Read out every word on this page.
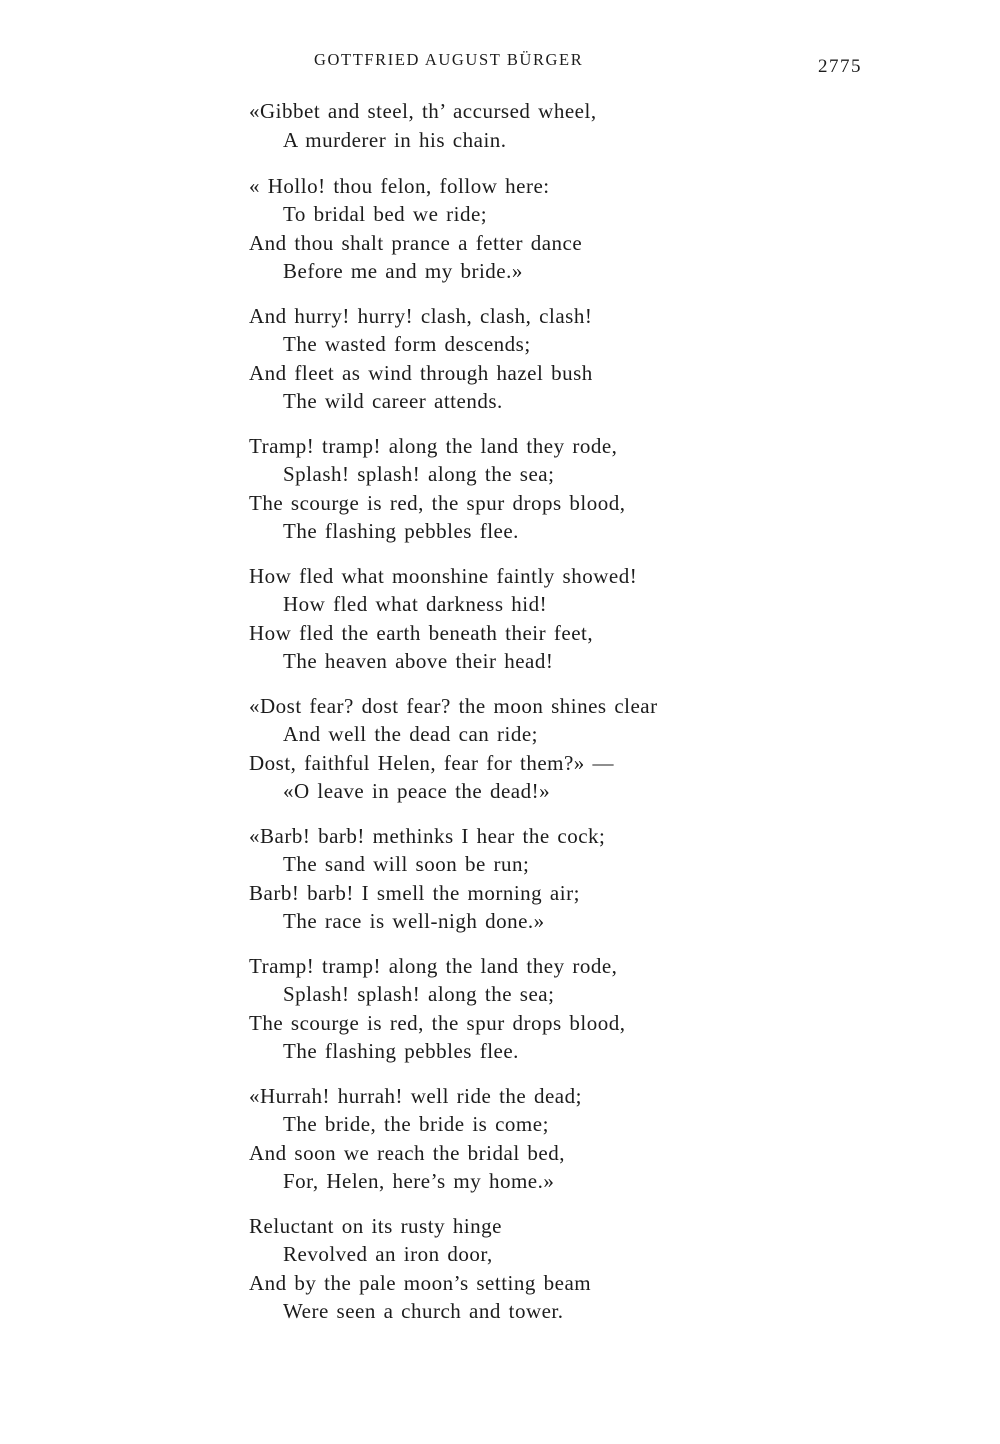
GOTTFRIED AUGUST BÜRGER	2775
«Gibbet and steel, th’ accursed wheel,
A murderer in his chain.
« Hollo! thou felon, follow here:
To bridal bed we ride;
And thou shalt prance a fetter dance
Before me and my bride.»
And hurry! hurry! clash, clash, clash!
The wasted form descends;
And fleet as wind through hazel bush
The wild career attends.
Tramp! tramp! along the land they rode,
Splash! splash! along the sea;
The scourge is red, the spur drops blood,
The flashing pebbles flee.
How fled what moonshine faintly showed!
How fled what darkness hid!
How fled the earth beneath their feet,
The heaven above their head!
«Dost fear? dost fear? the moon shines clear
And well the dead can ride;
Dost, faithful Helen, fear for them?» —
«O leave in peace the dead!»
«Barb! barb! methinks I hear the cock;
The sand will soon be run;
Barb! barb! I smell the morning air;
The race is well-nigh done.»
Tramp! tramp! along the land they rode,
Splash! splash! along the sea;
The scourge is red, the spur drops blood,
The flashing pebbles flee.
«Hurrah! hurrah! well ride the dead;
The bride, the bride is come;
And soon we reach the bridal bed,
For, Helen, here’s my home.»
Reluctant on its rusty hinge
Revolved an iron door,
And by the pale moon’s setting beam
Were seen a church and tower.
